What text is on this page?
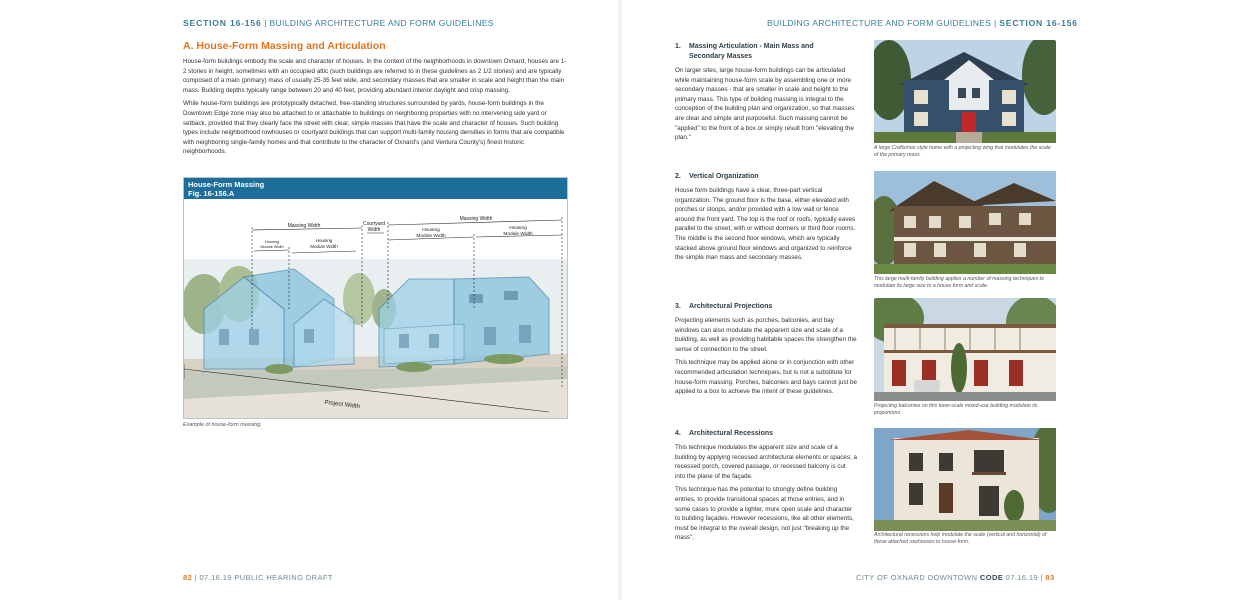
SECTION 16-156 | BUILDING ARCHITECTURE AND FORM GUIDELINES
A. House-Form Massing and Articulation

House-form buildings embody the scale and character of houses. In the context of the neighborhoods in downtown Oxnard, houses are 1-2 stories in height, sometimes with an occupied attic (such buildings are referred to in these guidelines as 2 1/2 stories) and are typically composed of a main (primary) mass of usually 25-35 feet wide, and secondary masses that are smaller in scale and height than the main mass. Building depths typically range between 20 and 40 feet, providing abundant interior daylight and crisp massing.

While house-form buildings are prototypically detached, free-standing structures surrounded by yards, house-form buildings in the Downtown Edge zone may also be attached to or attachable to buildings on neighboring properties with no intervening side yard or setback, provided that they clearly face the street with clear, simple masses that have the scale and character of houses. Such building types include neighborhood rowhouses or courtyard buildings that can support multi-family housing densities in forms that are compatible with neighboring single-family homes and that contribute to the character of Oxnard's (and Ventura County's) finest historic neighborhoods.

House-Form Massing
Fig. 16-156.A
Massing Width	Courtyard
Width
Massing Width
Housing
Module Width
Housing
Module Width
Housing
Module Width
Housing
Module Width
Project Width
Example of house-form massing.
82 | 07.16.19 PUBLIC HEARING DRAFT
BUILDING ARCHITECTURE AND FORM GUIDELINES | SECTION 16-156
1. Massing Articulation - Main Mass and
Secondary Masses

On larger sites, large house-form buildings can be articulated while maintaining house-form scale by assembling one or more secondary masses - that are smaller in scale and height to the primary mass. This type of building massing is integral to the conception of the building plan and organization, so that masses are clear and simple and purposeful. Such massing cannot be "applied" to the front of a box or simply result from "elevating the plan."

2. Vertical Organization

House form buildings have a clear, three-part vertical organization. The ground floor is the base, either elevated with porches or stoops, and/or provided with a low wall or fence around the front yard. The top is the roof or roofs, typically eaves parallel to the street, with or without dormers or third floor rooms. The middle is the second floor windows, which are typically stacked above ground floor windows and organized to reinforce the simple man mass and secondary masses.

3. Architectural Projections

Projecting elements such as porches, balconies, and bay windows can also modulate the apparent size and scale of a building, as well as providing habitable spaces the strengthen the sense of connection to the street.

This technique may be applied alone or in conjunction with other recommended articulation techniques, but is not a substitute for house-form massing. Porches, balconies and bays cannot just be applied to a box to achieve the intent of these guidelines.

4. Architectural Recessions

This technique modulates the apparent size and scale of a building by applying recessed architectural elements or spaces; a recessed porch, covered passage, or recessed balcony is cut into the plane of the façade.

This technique has the potential to strongly define building entries, to provide transitional spaces at those entries, and in some cases to provide a lighter, more open scale and character to building façades. However recessions, like all other elements, must be integral to the overall design, not just "breaking up the mass".

A large Craftsman style home with a projecting wing that modulates the scale of the primary mass.
This large multi-family building applies a number of massing techniques to modulate its large size to a house form and scale.
Projecting balconies on this town-scale mixed-use building modulate its proportions.
Architectural recessions help modulate the scale (vertical and horizontal) of these attached rowhouses to house-form.
CITY OF OXNARD DOWNTOWN CODE 07.16.19 | 83
